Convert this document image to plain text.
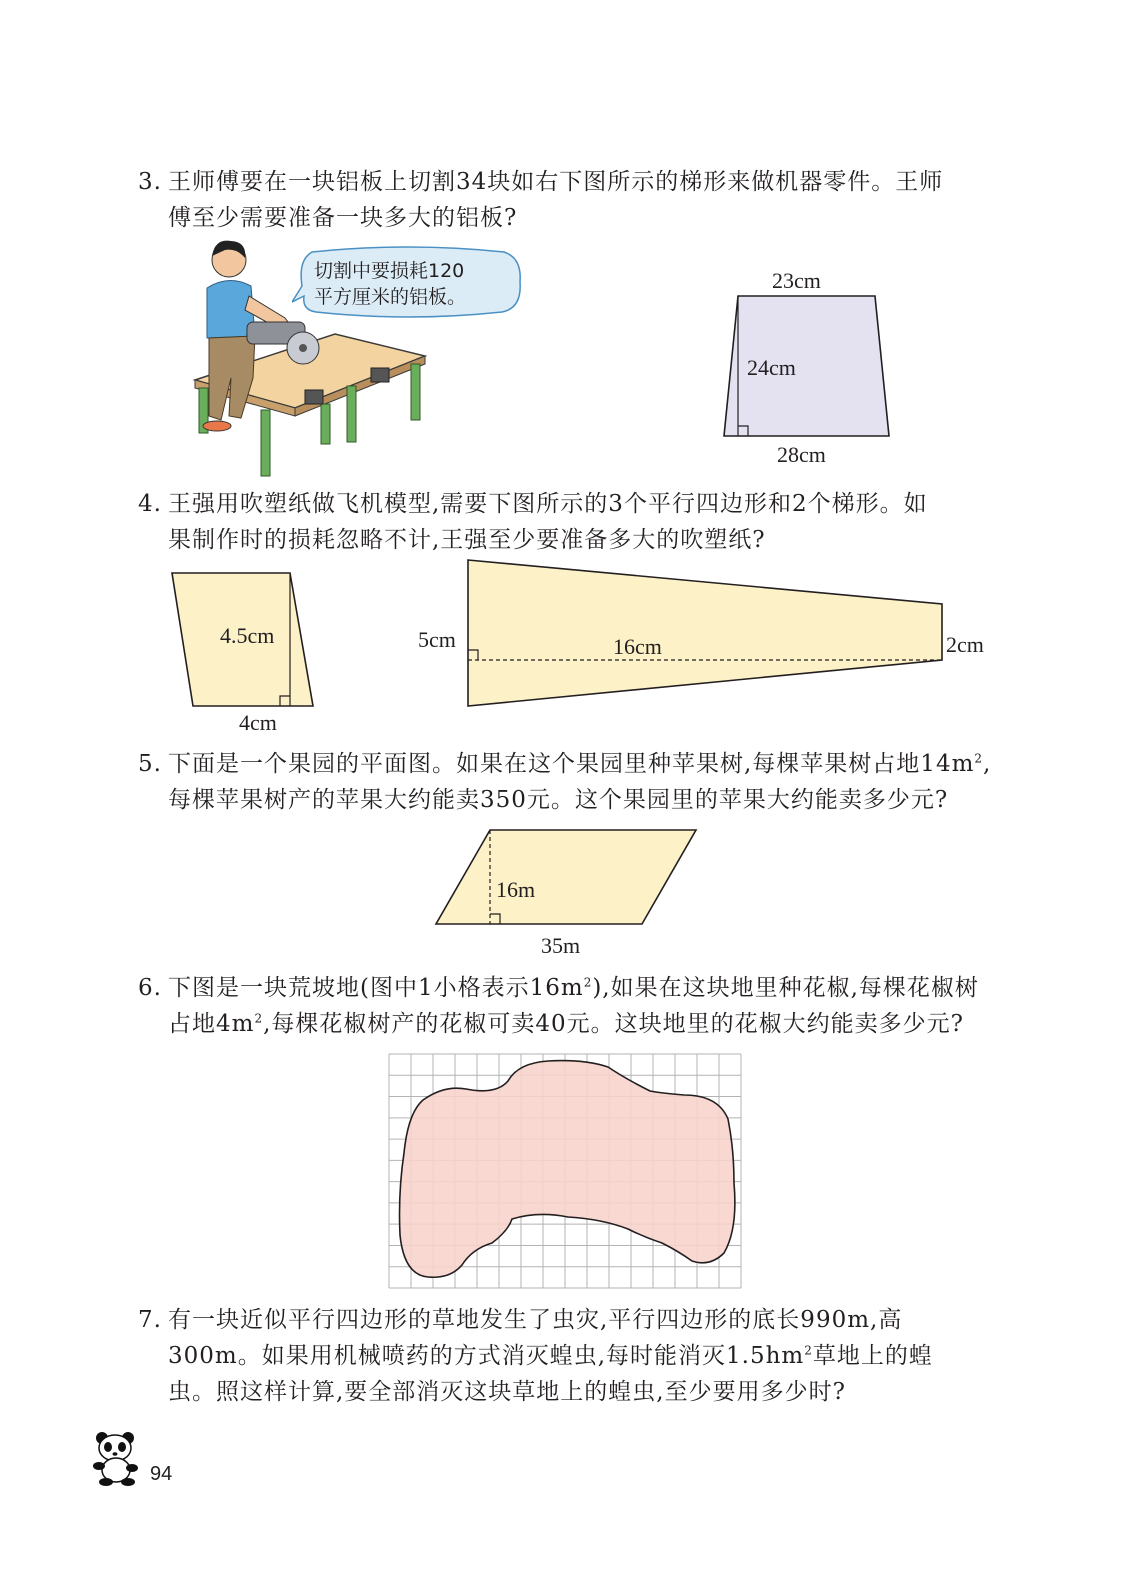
3. 王师傅要在一块铝板上切割34块如右下图所示的梯形来做机器零件。王师
傅至少需要准备一块多大的铝板?
切割中要损耗120
平方厘米的铝板。
23cm
24cm
28cm
4. 王强用吹塑纸做飞机模型,需要下图所示的3个平行四边形和2个梯形。如
果制作时的损耗忽略不计,王强至少要准备多大的吹塑纸?
4.5cm
4cm
5cm	16cm	2cm
5. 下面是一个果园的平面图。如果在这个果园里种苹果树,每棵苹果树占地$14m^2$,
每棵苹果树产的苹果大约能卖350元。这个果园里的苹果大约能卖多少元?
16m
35m
6. 下图是一块荒坡地(图中1小格表示$16m^2$),如果在这块地里种花椒,每棵花椒树
占地$4m^2$,每棵花椒树产的花椒可卖40元。这块地里的花椒大约能卖多少元?
7. 有一块近似平行四边形的草地发生了虫灾,平行四边形的底长990m,高
300m。如果用机械喷药的方式消灭蝗虫,每时能消灭$1.5hm^2$草地上的蝗
虫。照这样计算,要全部消灭这块草地上的蝗虫,至少要用多少时?
94
